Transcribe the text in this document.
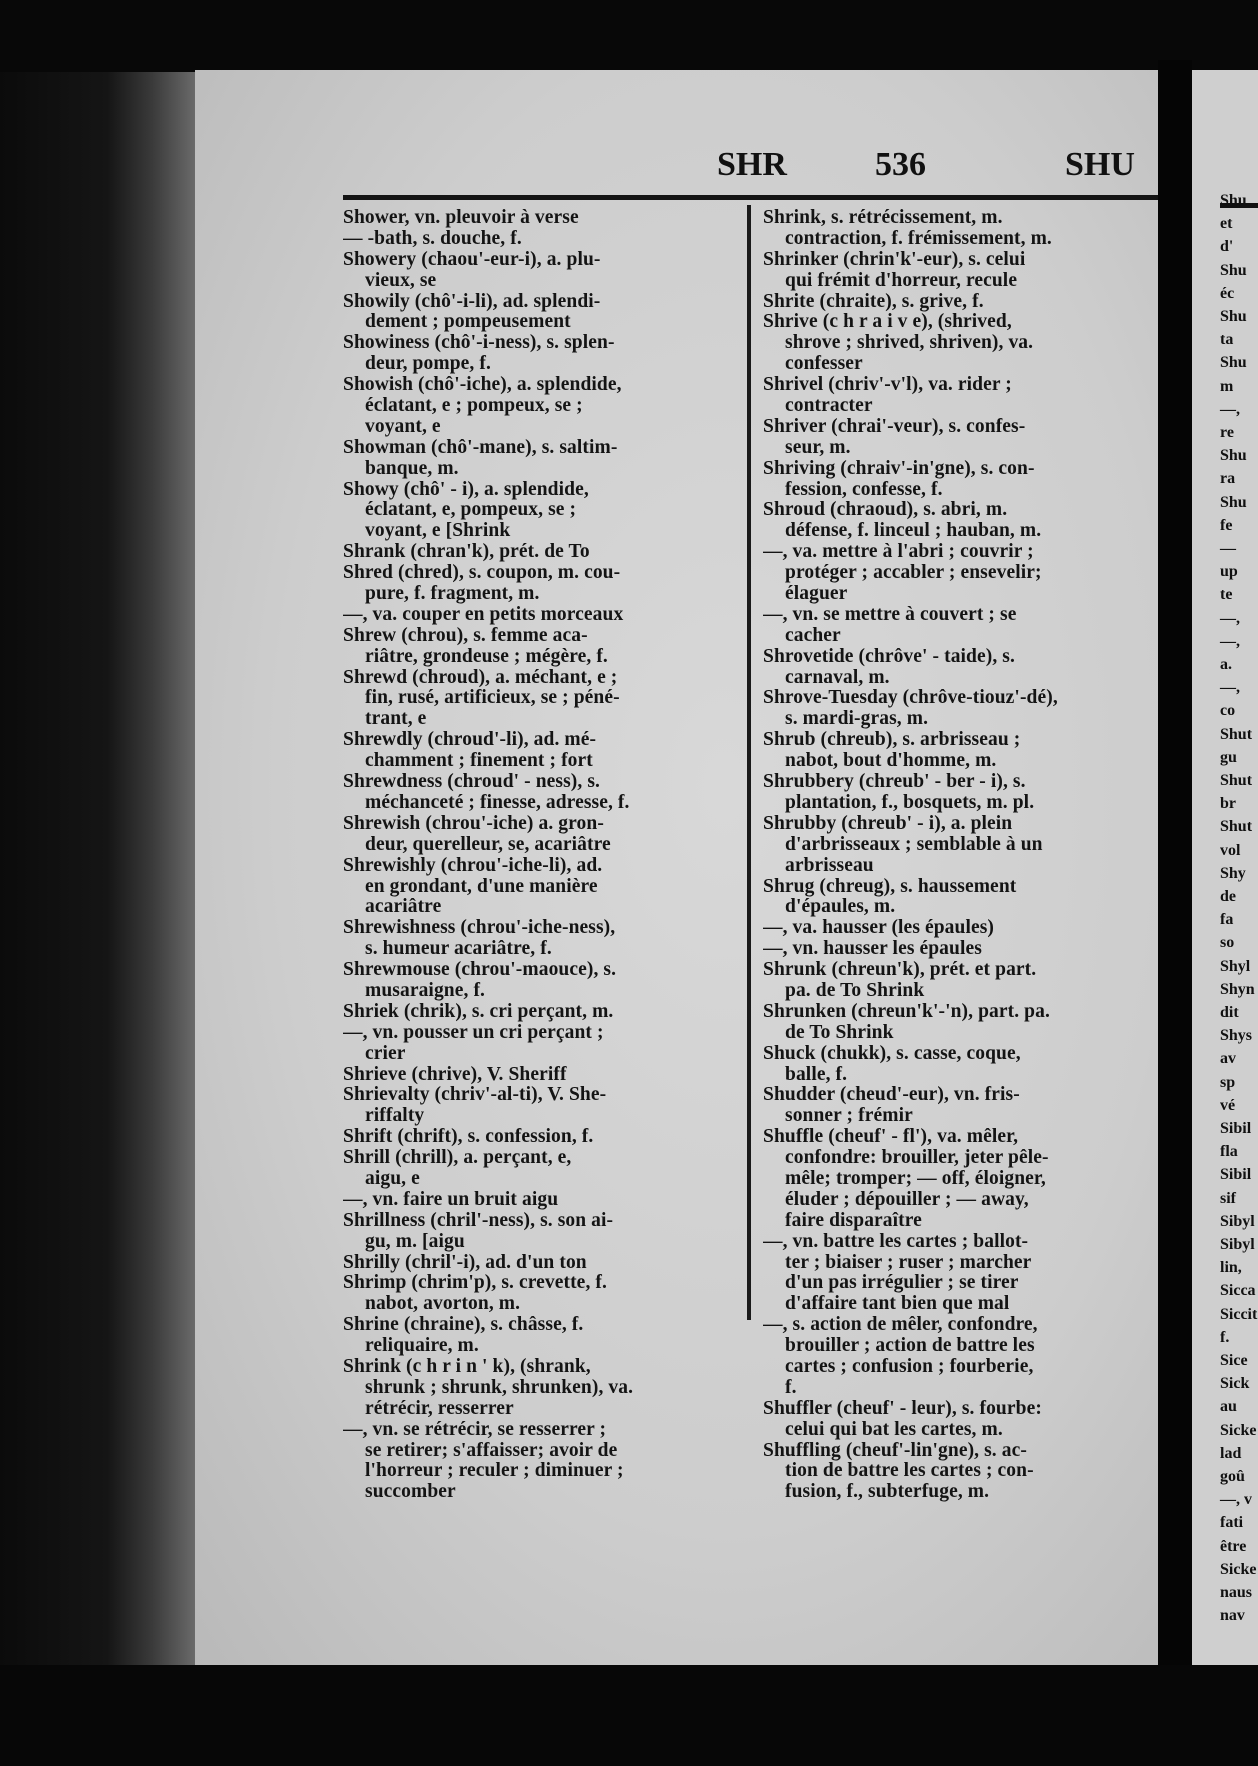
SHR	536	SHU
Shower, vn. pleuvoir à verse
— -bath, s. douche, f.
Showery (chaou'-eur-i), a. plu-
vieux, se
Showily (chô'-i-li), ad. splendi-
dement ; pompeusement
Showiness (chô'-i-ness), s. splen-
deur, pompe, f.
Showish (chô'-iche), a. splendide,
éclatant, e ; pompeux, se ;
voyant, e
Showman (chô'-mane), s. saltim-
banque, m.
Showy (chô' - i), a. splendide,
éclatant, e, pompeux, se ;
voyant, e [Shrink
Shrank (chran'k), prét. de To
Shred (chred), s. coupon, m. cou-
pure, f. fragment, m.
—, va. couper en petits morceaux
Shrew (chrou), s. femme aca-
riâtre, grondeuse ; mégère, f.
Shrewd (chroud), a. méchant, e ;
fin, rusé, artificieux, se ; péné-
trant, e
Shrewdly (chroud'-li), ad. mé-
chamment ; finement ; fort
Shrewdness (chroud' - ness), s.
méchanceté ; finesse, adresse, f.
Shrewish (chrou'-iche) a. gron-
deur, querelleur, se, acariâtre
Shrewishly (chrou'-iche-li), ad.
en grondant, d'une manière
acariâtre
Shrewishness (chrou'-iche-ness),
s. humeur acariâtre, f.
Shrewmouse (chrou'-maouce), s.
musaraigne, f.
Shriek (chrik), s. cri perçant, m.
—, vn. pousser un cri perçant ;
crier
Shrieve (chrive), V. Sheriff
Shrievalty (chriv'-al-ti), V. She-
riffalty
Shrift (chrift), s. confession, f.
Shrill (chrill), a. perçant, e,
aigu, e
—, vn. faire un bruit aigu
Shrillness (chril'-ness), s. son ai-
gu, m. [aigu
Shrilly (chril'-i), ad. d'un ton
Shrimp (chrim'p), s. crevette, f.
nabot, avorton, m.
Shrine (chraine), s. châsse, f.
reliquaire, m.
Shrink (c h r i n ' k), (shrank,
shrunk ; shrunk, shrunken), va.
rétrécir, resserrer
—, vn. se rétrécir, se resserrer ;
se retirer; s'affaisser; avoir de
l'horreur ; reculer ; diminuer ;
succomber
Shrink, s. rétrécissement, m.
contraction, f. frémissement, m.
Shrinker (chrin'k'-eur), s. celui
qui frémit d'horreur, recule
Shrite (chraite), s. grive, f.
Shrive (c h r a i v e), (shrived,
shrove ; shrived, shriven), va.
confesser
Shrivel (chriv'-v'l), va. rider ;
contracter
Shriver (chrai'-veur), s. confes-
seur, m.
Shriving (chraiv'-in'gne), s. con-
fession, confesse, f.
Shroud (chraoud), s. abri, m.
défense, f. linceul ; hauban, m.
—, va. mettre à l'abri ; couvrir ;
protéger ; accabler ; ensevelir;
élaguer
—, vn. se mettre à couvert ; se
cacher
Shrovetide (chrôve' - taide), s.
carnaval, m.
Shrove-Tuesday (chrôve-tiouz'-dé),
s. mardi-gras, m.
Shrub (chreub), s. arbrisseau ;
nabot, bout d'homme, m.
Shrubbery (chreub' - ber - i), s.
plantation, f., bosquets, m. pl.
Shrubby (chreub' - i), a. plein
d'arbrisseaux ; semblable à un
arbrisseau
Shrug (chreug), s. haussement
d'épaules, m.
—, va. hausser (les épaules)
—, vn. hausser les épaules
Shrunk (chreun'k), prét. et part.
pa. de To Shrink
Shrunken (chreun'k'-'n), part. pa.
de To Shrink
Shuck (chukk), s. casse, coque,
balle, f.
Shudder (cheud'-eur), vn. fris-
sonner ; frémir
Shuffle (cheuf' - fl'), va. mêler,
confondre: brouiller, jeter pêle-
mêle; tromper; — off, éloigner,
éluder ; dépouiller ; — away,
faire disparaître
—, vn. battre les cartes ; ballot-
ter ; biaiser ; ruser ; marcher
d'un pas irrégulier ; se tirer
d'affaire tant bien que mal
—, s. action de mêler, confondre,
brouiller ; action de battre les
cartes ; confusion ; fourberie,
f.
Shuffler (cheuf' - leur), s. fourbe:
celui qui bat les cartes, m.
Shuffling (cheuf'-lin'gne), s. ac-
tion de battre les cartes ; con-
fusion, f., subterfuge, m.
Shu
et
d'
Shu
éc
Shu
ta
Shu
m
—,
re
Shu
ra
Shu
fe
—
up
te
—,
—,
a.
—,
co
Shut
gu
Shut
br
Shut
vol
Shy
de
fa
so
Shyl
Shyn
dit
Shys
av
sp
vé
Sibil
fla
Sibil
sif
Sibyl
Sibyl
lin,
Sicca
Siccit
f.
Sice
Sick
au
Sicke
lad
goû
—, v
fati
être
Sicke
naus
nav
